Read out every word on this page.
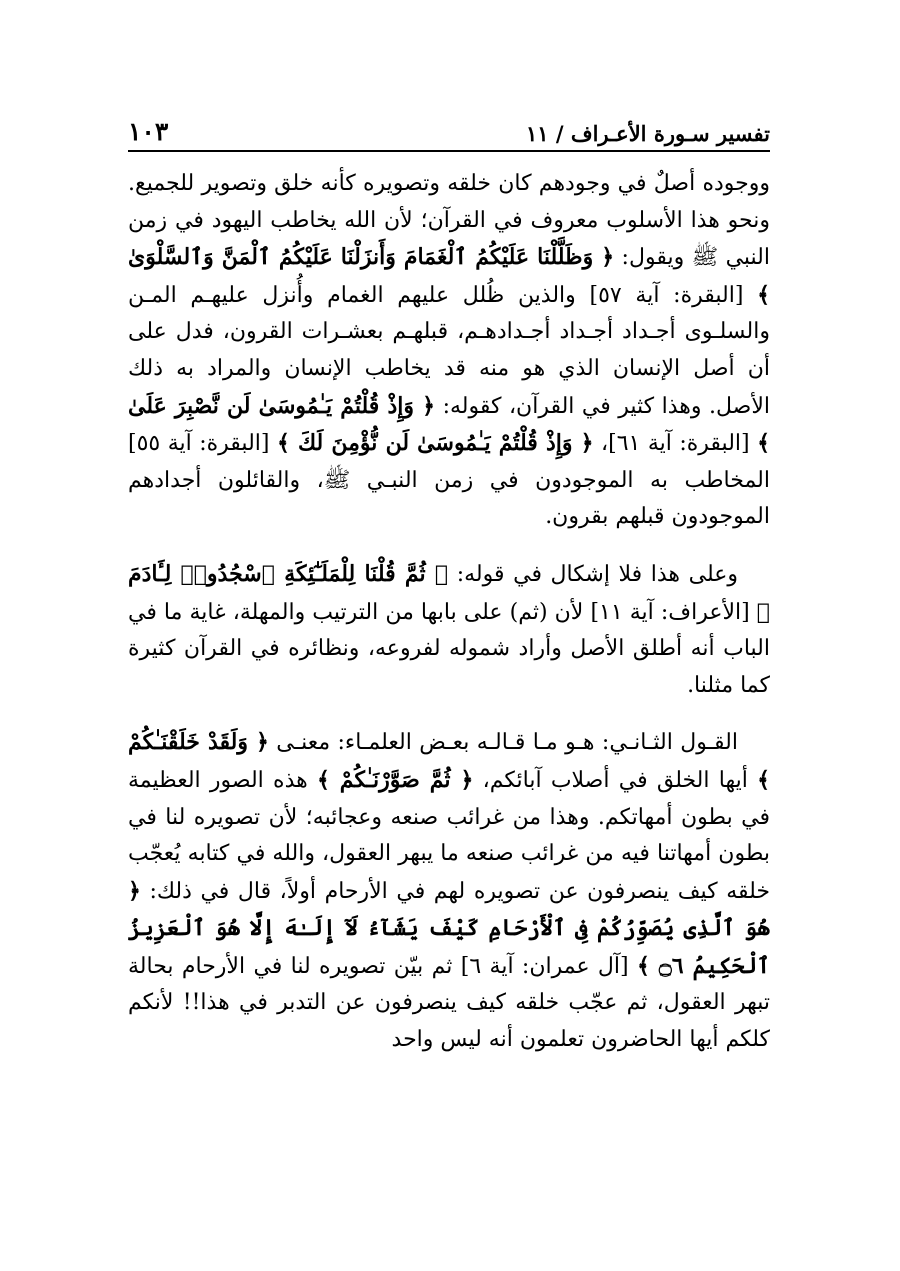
تفسير سـورة الأعـراف / ١١
١٠٣

ووجوده أصلٌ في وجودهم كان خلقه وتصويره كأنه خلق وتصوير للجميع. ونحو هذا الأسلوب معروف في القرآن؛ لأن الله يخاطب اليهود في زمن النبي ﷺ ويقول: ﴿ وَظَلَّلْنَا عَلَيْكُمُ ٱلْغَمَامَ وَأَنزَلْنَا عَلَيْكُمُ ٱلْمَنَّ وَٱلسَّلْوَىٰ ﴾ [البقرة: آية ٥٧] والذين ظُلل عليهم الغمام وأُنزل عليهـم المـن والسلـوى أجـداد أجـداد أجـدادهـم، قبلهـم بعشـرات القرون، فدل على أن أصل الإنسان الذي هو منه قد يخاطب الإنسان والمراد به ذلك الأصل. وهذا كثير في القرآن، كقوله: ﴿ وَإِذْ قُلْتُمْ يَـٰمُوسَىٰ لَن نَّصْبِرَ عَلَىٰ ﴾ [البقرة: آية ٦١]، ﴿ وَإِذْ قُلْتُمْ يَـٰمُوسَىٰ لَن نُّؤْمِنَ لَكَ ﴾ [البقرة: آية ٥٥] المخاطب به الموجودون في زمن النبـي ﷺ، والقائلون أجدادهم الموجودون قبلهم بقرون.

وعلى هذا فلا إشكال في قوله: ﴿ ثُمَّ قُلْنَا لِلْمَلَـٰٓئِكَةِ ٱسْجُدُوا۟ لِـَٔادَمَ ﴾ [الأعراف: آية ١١] لأن (ثم) على بابها من الترتيب والمهلة، غاية ما في الباب أنه أطلق الأصل وأراد شموله لفروعه، ونظائره في القرآن كثيرة كما مثلنا.

القـول الثـانـي: هـو مـا قـالـه بعـض العلمـاء: معنـى ﴿ وَلَقَدْ خَلَقْنَـٰكُمْ ﴾ أيها الخلق في أصلاب آبائكم، ﴿ ثُمَّ صَوَّرْنَـٰكُمْ ﴾ هذه الصور العظيمة في بطون أمهاتكم. وهذا من غرائب صنعه وعجائبه؛ لأن تصويره لنا في بطون أمهاتنا فيه من غرائب صنعه ما يبهر العقول، والله في كتابه يُعجّب خلقه كيف ينصرفون عن تصويره لهم في الأرحام أولاً، قال في ذلك: ﴿ هُوَ ٱلَّذِى يُصَوِّرُكُمْ فِى ٱلْأَرْحَامِ كَيْفَ يَشَآءُ لَآ إِلَـٰهَ إِلَّا هُوَ ٱلْعَزِيزُ ٱلْحَكِيمُ ۝٦ ﴾ [آل عمران: آية ٦] ثم بيّن تصويره لنا في الأرحام بحالة تبهر العقول، ثم عجّب خلقه كيف ينصرفون عن التدبر في هذا!! لأنكم كلكم أيها الحاضرون تعلمون أنه ليس واحد
